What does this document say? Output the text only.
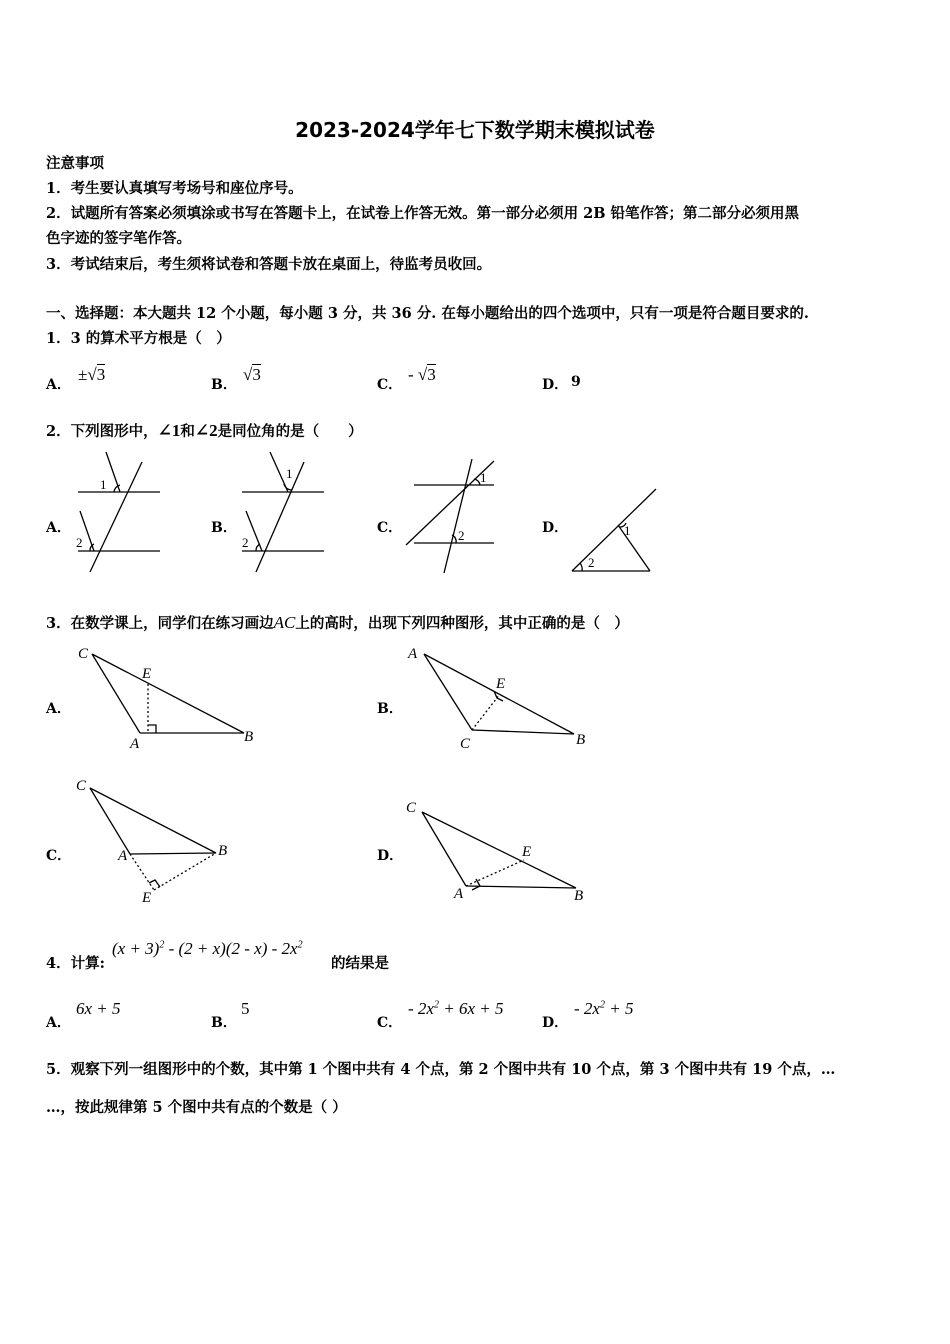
2023-2024学年七下数学期末模拟试卷
注意事项
1．考生要认真填写考场号和座位序号。
2．试题所有答案必须填涂或书写在答题卡上，在试卷上作答无效。第一部分必须用 2B 铅笔作答；第二部分必须用黑
色字迹的签字笔作答。
3．考试结束后，考生须将试卷和答题卡放在桌面上，待监考员收回。
一、选择题：本大题共 12 个小题，每小题 3 分，共 36 分. 在每小题给出的四个选项中，只有一项是符合题目要求的.
1．3 的算术平方根是（　）
A．
±√3
B．
√3
C．
- √3
D． 9
2．下列图形中，∠1和∠2是同位角的是（　　）
A．
1
2
B．
1
2
C．
1
2	D．	1
2
3．在数学课上，同学们在练习画边AC上的高时，出现下列四种图形，其中正确的是（　）
A．
C
E
A	B
B．
A
E
C	B
C．
C
A	B
E
D．
C
E
A	B
4．计算:
$(x + 3)^2 - (2 + x)(2 - x) - 2x^2$
的结果是
A．
6x + 5
B．
5
C．
- $2x^2 + 6x + 5$
D．
- $2x^2 + 5$
5．观察下列一组图形中的个数，其中第 1 个图中共有 4 个点，第 2 个图中共有 10 个点，第 3 个图中共有 19 个点，…
…，按此规律第 5 个图中共有点的个数是（ ）
